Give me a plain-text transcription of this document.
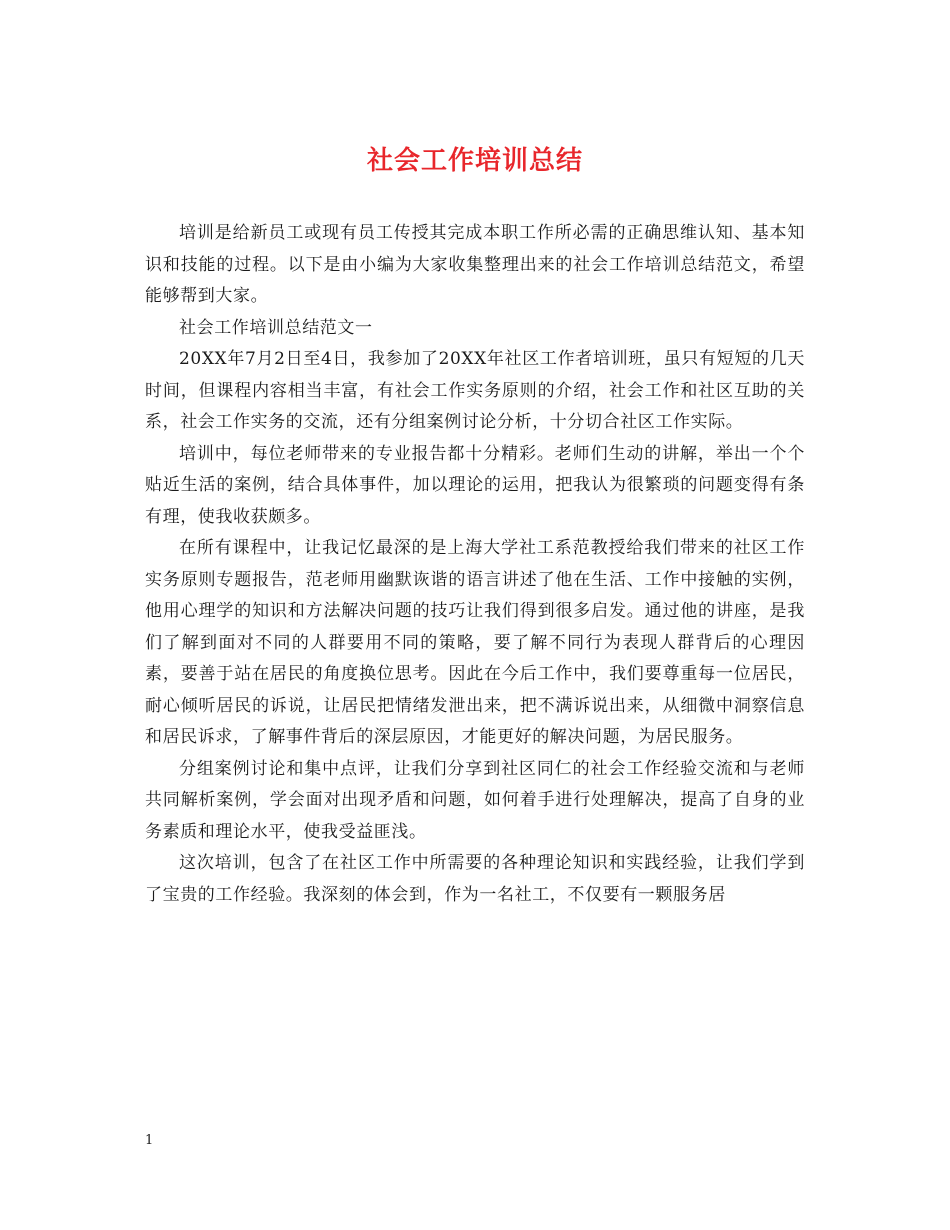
社会工作培训总结

培训是给新员工或现有员工传授其完成本职工作所必需的正确思维认知、基本知识和技能的过程。以下是由小编为大家收集整理出来的社会工作培训总结范文，希望能够帮到大家。

社会工作培训总结范文一

20XX年7月2日至4日，我参加了20XX年社区工作者培训班，虽只有短短的几天时间，但课程内容相当丰富，有社会工作实务原则的介绍，社会工作和社区互助的关系，社会工作实务的交流，还有分组案例讨论分析，十分切合社区工作实际。

培训中，每位老师带来的专业报告都十分精彩。老师们生动的讲解，举出一个个贴近生活的案例，结合具体事件，加以理论的运用，把我认为很繁琐的问题变得有条有理，使我收获颇多。

在所有课程中，让我记忆最深的是上海大学社工系范教授给我们带来的社区工作实务原则专题报告，范老师用幽默诙谐的语言讲述了他在生活、工作中接触的实例，他用心理学的知识和方法解决问题的技巧让我们得到很多启发。通过他的讲座，是我们了解到面对不同的人群要用不同的策略，要了解不同行为表现人群背后的心理因素，要善于站在居民的角度换位思考。因此在今后工作中，我们要尊重每一位居民，耐心倾听居民的诉说，让居民把情绪发泄出来，把不满诉说出来，从细微中洞察信息和居民诉求，了解事件背后的深层原因，才能更好的解决问题，为居民服务。

分组案例讨论和集中点评，让我们分享到社区同仁的社会工作经验交流和与老师共同解析案例，学会面对出现矛盾和问题，如何着手进行处理解决，提高了自身的业务素质和理论水平，使我受益匪浅。

这次培训，包含了在社区工作中所需要的各种理论知识和实践经验，让我们学到了宝贵的工作经验。我深刻的体会到，作为一名社工，不仅要有一颗服务居

1
